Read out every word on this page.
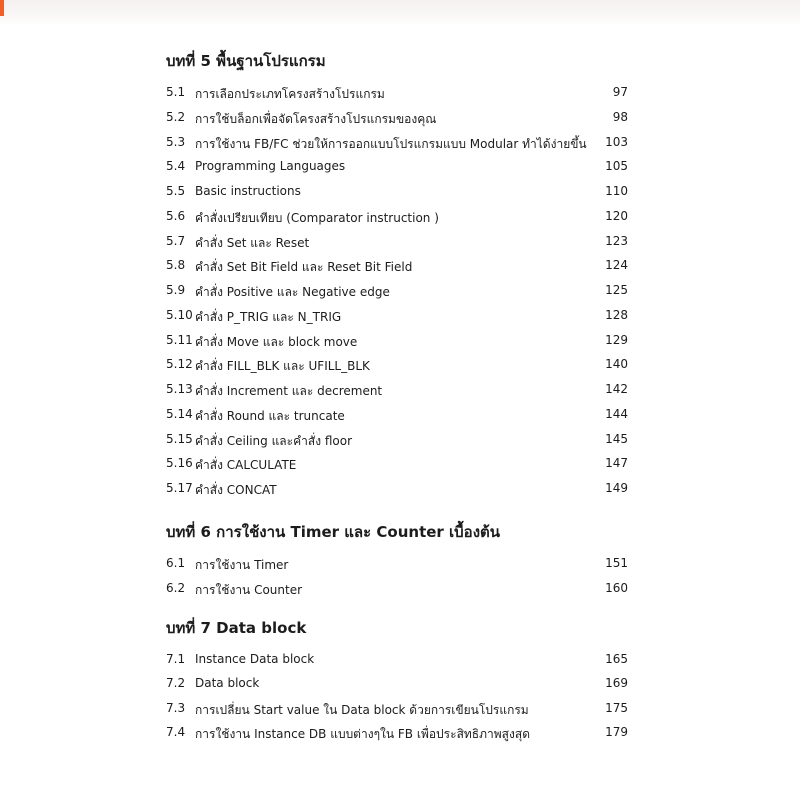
บทที่ 5 พื้นฐานโปรแกรม
5.1 การเลือกประเภทโครงสร้างโปรแกรม	97
5.2 การใช้บล็อกเพื่อจัดโครงสร้างโปรแกรมของคุณ	98
5.3 การใช้งาน FB/FC ช่วยให้การออกแบบโปรแกรมแบบ Modular ทำได้ง่ายขึ้น	103
5.4 Programming Languages	105
5.5 Basic instructions	110
5.6 คำสั่งเปรียบเทียบ (Comparator instruction )	120
5.7 คำสั่ง Set และ Reset	123
5.8 คำสั่ง Set Bit Field และ Reset Bit Field	124
5.9 คำสั่ง Positive และ Negative edge	125
5.10 คำสั่ง P_TRIG และ N_TRIG	128
5.11 คำสั่ง Move และ block move	129
5.12 คำสั่ง FILL_BLK และ UFILL_BLK	140
5.13 คำสั่ง Increment และ decrement	142
5.14 คำสั่ง Round และ truncate	144
5.15 คำสั่ง Ceiling และคำสั่ง floor	145
5.16 คำสั่ง CALCULATE	147
5.17 คำสั่ง CONCAT	149
บทที่ 6 การใช้งาน Timer และ Counter เบื้องต้น
6.1 การใช้งาน Timer	151
6.2 การใช้งาน Counter	160
บทที่ 7 Data block
7.1 Instance Data block	165
7.2 Data block	169
7.3 การเปลี่ยน Start value ใน Data block ด้วยการเขียนโปรแกรม	175
7.4 การใช้งาน Instance DB แบบต่างๆใน FB เพื่อประสิทธิภาพสูงสุด	179
